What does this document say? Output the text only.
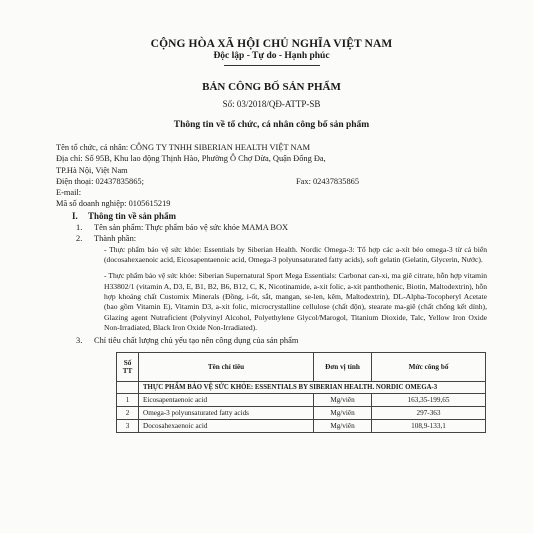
CỘNG HÒA XÃ HỘI CHỦ NGHĨA VIỆT NAM
Độc lập - Tự do - Hạnh phúc
BẢN CÔNG BỐ SẢN PHẨM
Số: 03/2018/QĐ-ATTP-SB
Thông tin về tổ chức, cá nhân công bố sản phẩm
Tên tổ chức, cá nhân: CÔNG TY TNHH SIBERIAN HEALTH VIỆT NAM
Địa chỉ: Số 95B, Khu lao động Thịnh Hào, Phường Ô Chợ Dừa, Quận Đống Đa,
TP.Hà Nội, Việt Nam
Điện thoại: 02437835865;	Fax: 02437835865
E-mail:
Mã số doanh nghiệp: 0105615219
I. Thông tin về sản phẩm
1. Tên sản phẩm: Thực phẩm bảo vệ sức khỏe MAMA BOX
2. Thành phần:

- Thực phẩm bảo vệ sức khỏe: Essentials by Siberian Health. Nordic Omega-3: Tổ hợp các a-xít béo omega-3 từ cá biển (docosahexaenoic acid, Eicosapentaenoic acid, Omega-3 polyunsaturated fatty acids), soft gelatin (Gelatin, Glycerin, Nước).

- Thực phẩm bảo vệ sức khỏe: Siberian Supernatural Sport Mega Essentials: Carbonat can-xi, ma giê citrate, hỗn hợp vitamin H33802/1 (vitamin A, D3, E, B1, B2, B6, B12, C, K, Nicotinamide, a-xit folic, a-xit panthothenic, Biotin, Maltodextrin), hỗn hợp khoáng chất Customix Minerals (Đồng, i-ốt, sắt, mangan, se-len, kẽm, Maltodextrin), DL-Alpha-Tocopheryl Acetate (bao gồm Vitamin E), Vitamin D3, a-xit folic, microcrystalline cellulose (chất độn), stearate ma-giê (chất chống kết dính), Glazing agent Nutraficient (Polyvinyl Alcohol, Polyethylene Glycol/Marogol, Titanium Dioxide, Talc, Yellow Iron Oxide Non-Irradiated, Black Iron Oxide Non-Irradiated).

3. Chỉ tiêu chất lượng chủ yếu tạo nên công dụng của sản phẩm
Số TT	Tên chỉ tiêu	Đơn vị tính	Mức công bố
	THỰC PHẨM BẢO VỆ SỨC KHỎE: ESSENTIALS BY SIBERIAN HEALTH. NORDIC OMEGA-3		
1	Eicosapentaenoic acid	Mg/viên	163,35-199,65
2	Omega-3 polyunsaturated fatty acids	Mg/viên	297-363
3	Docosahexaenoic acid	Mg/viên	108,9-133,1
